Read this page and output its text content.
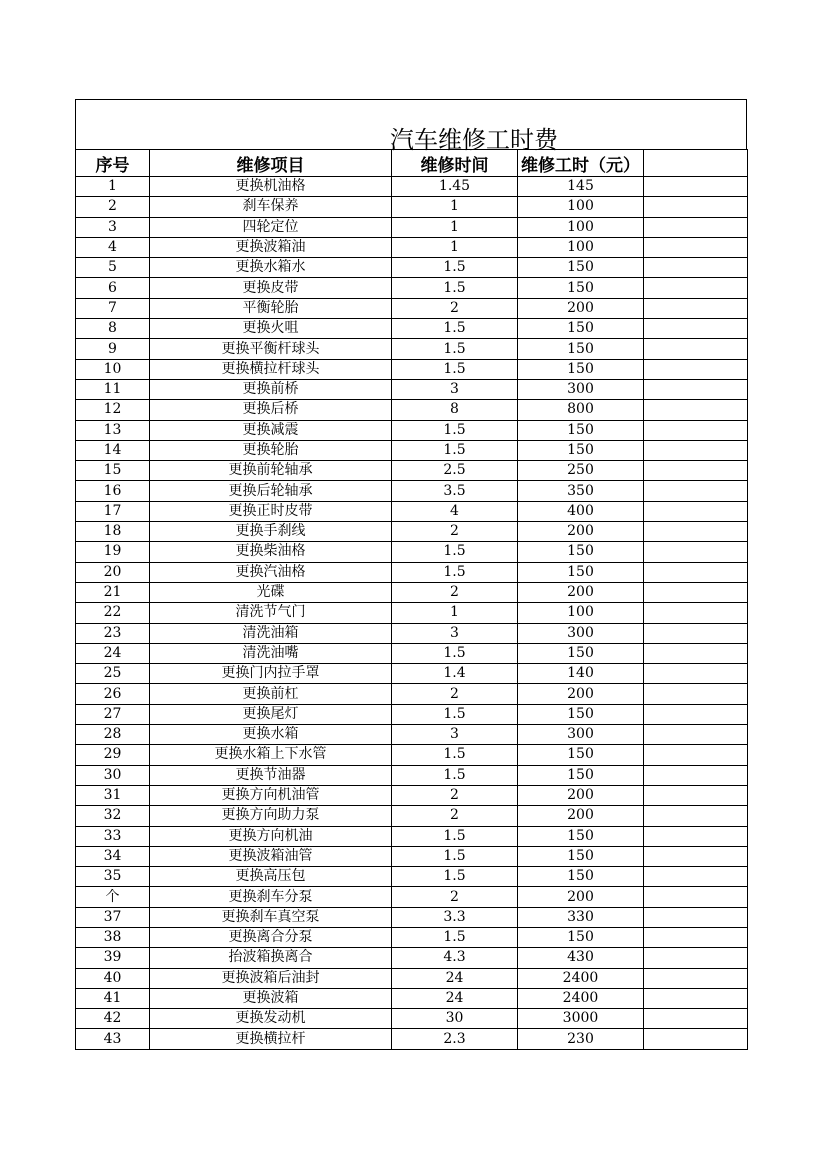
汽车维修工时费
序号	维修项目	维修时间	维修工时（元）	
1	更换机油格	1.45	145	
2	刹车保养	1	100	
3	四轮定位	1	100	
4	更换波箱油	1	100	
5	更换水箱水	1.5	150	
6	更换皮带	1.5	150	
7	平衡轮胎	2	200	
8	更换火咀	1.5	150	
9	更换平衡杆球头	1.5	150	
10	更换横拉杆球头	1.5	150	
11	更换前桥	3	300	
12	更换后桥	8	800	
13	更换减震	1.5	150	
14	更换轮胎	1.5	150	
15	更换前轮轴承	2.5	250	
16	更换后轮轴承	3.5	350	
17	更换正时皮带	4	400	
18	更换手刹线	2	200	
19	更换柴油格	1.5	150	
20	更换汽油格	1.5	150	
21	光碟	2	200	
22	清洗节气门	1	100	
23	清洗油箱	3	300	
24	清洗油嘴	1.5	150	
25	更换门内拉手罩	1.4	140	
26	更换前杠	2	200	
27	更换尾灯	1.5	150	
28	更换水箱	3	300	
29	更换水箱上下水管	1.5	150	
30	更换节油器	1.5	150	
31	更换方向机油管	2	200	
32	更换方向助力泵	2	200	
33	更换方向机油	1.5	150	
34	更换波箱油管	1.5	150	
35	更换高压包	1.5	150	
个	更换刹车分泵	2	200	
37	更换刹车真空泵	3.3	330	
38	更换离合分泵	1.5	150	
39	抬波箱换离合	4.3	430	
40	更换波箱后油封	24	2400	
41	更换波箱	24	2400	
42	更换发动机	30	3000	
43	更换横拉杆	2.3	230	
